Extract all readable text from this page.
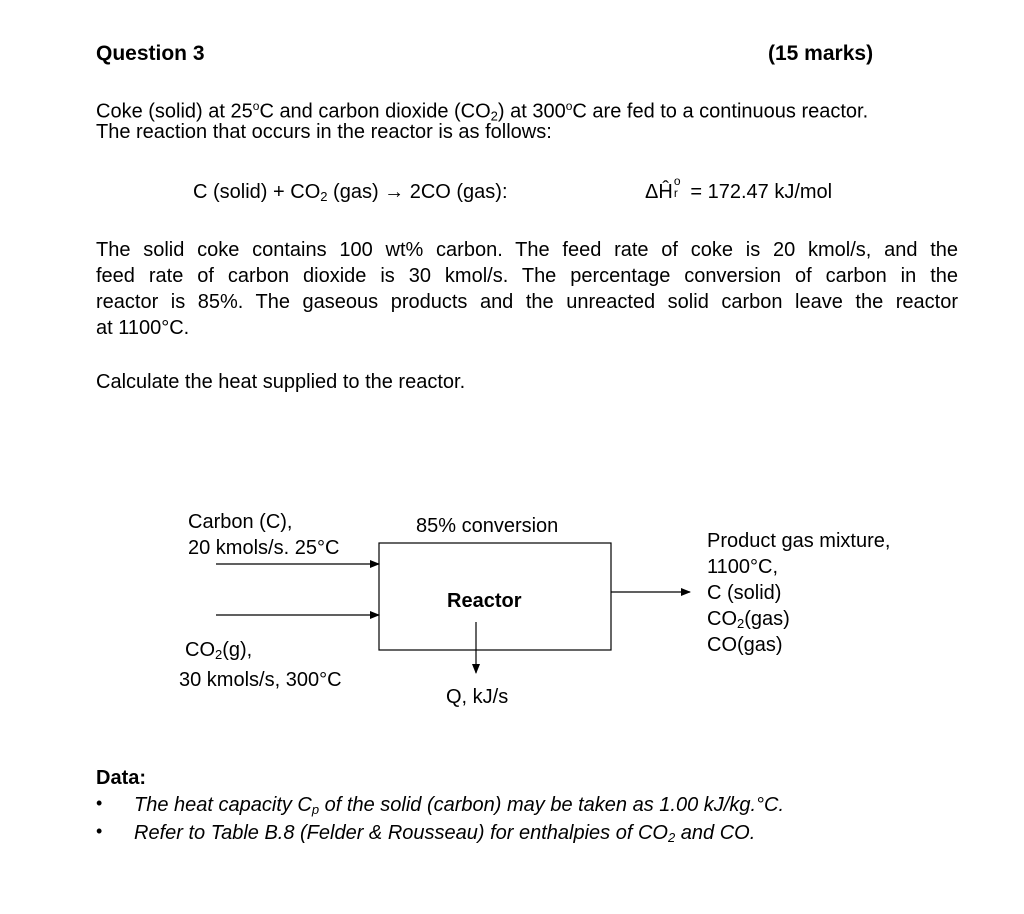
Question 3	(15 marks)
Coke (solid) at 25$^o$C and carbon dioxide $(CO_2)$ at 300$^o$C are fed to a continuous reactor.
The reaction that occurs in the reactor is as follows:
C (solid) + $CO_2$ (gas) → 2CO (gas):	ΔĤ o
r = 172.47 kJ/mol
The solid coke contains 100 wt% carbon. The feed rate of coke is 20 kmol/s, and the
feed rate of carbon dioxide is 30 kmol/s. The percentage conversion of carbon in the
reactor is 85%. The gaseous products and the unreacted solid carbon leave the reactor
at 1100°C.
Calculate the heat supplied to the reactor.
Carbon (C),
20 kmols/s. 25°C
85% conversion
Reactor
$CO_2(g)$,
30 kmols/s, 300°C
Q, kJ/s
Product gas mixture,
1100°C,
C (solid)
$CO_2(gas)$
CO(gas)
Data:
• The heat capacity $C_p$ of the solid (carbon) may be taken as 1.00 kJ/kg.°C.
• Refer to Table B.8 (Felder & Rousseau) for enthalpies of $CO_2$ and CO.
